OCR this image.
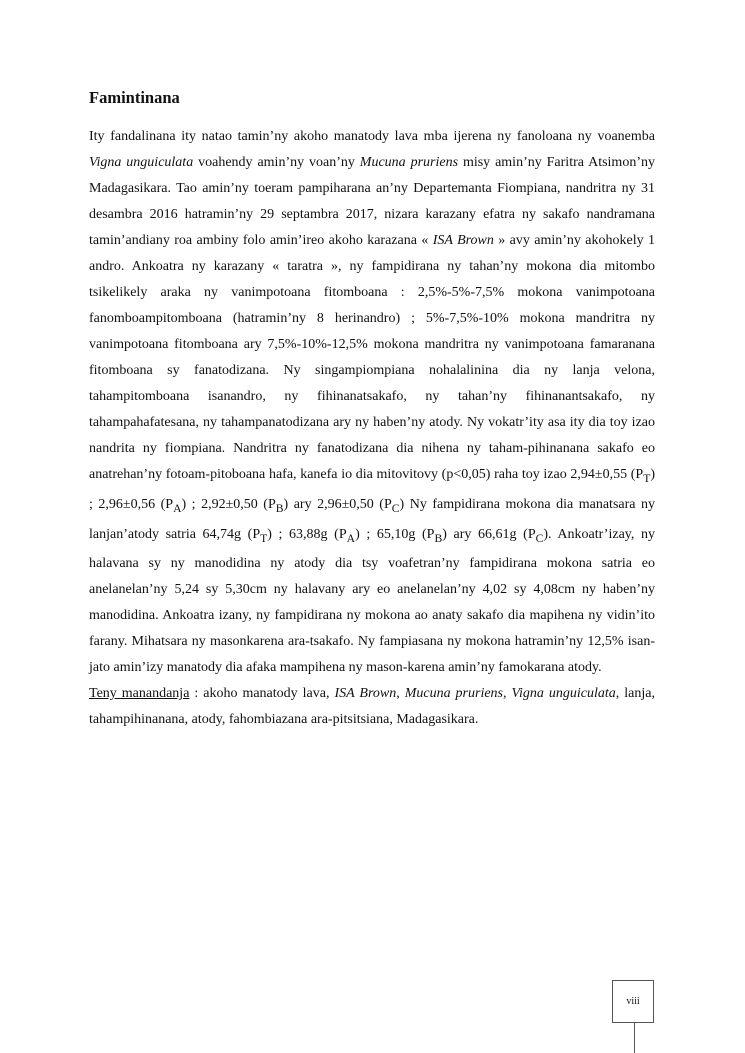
Famintinana

Ity fandalinana ity natao tamin’ny akoho manatody lava mba ijerena ny fanoloana ny voanemba Vigna unguiculata voahendy amin’ny voan’ny Mucuna pruriens misy amin’ny Faritra Atsimon’ny Madagasikara. Tao amin’ny toeram pampiharana an’ny Departemanta Fiompiana, nandritra ny 31 desambra 2016 hatramin’ny 29 septambra 2017, nizara karazany efatra ny sakafo nandramana tamin’andiany roa ambiny folo amin’ireo akoho karazana « ISA Brown » avy amin’ny akohokely 1 andro. Ankoatra ny karazany « taratra », ny fampidirana ny tahan’ny mokona dia mitombo tsikelikely araka ny vanimpotoana fitomboana : 2,5%-5%-7,5% mokona vanimpotoana fanomboampitomboana (hatramin’ny 8 herinandro) ; 5%-7,5%-10% mokona mandritra ny vanimpotoana fitomboana ary 7,5%-10%-12,5% mokona mandritra ny vanimpotoana famaranana fitomboana sy fanatodizana. Ny singampiompiana nohalalinina dia ny lanja velona, tahampitomboana isanandro, ny fihinanatsakafo, ny tahan’ny fihinanantsakafo, ny tahampahafatesana, ny tahampanatodizana ary ny haben’ny atody. Ny vokatr’ity asa ity dia toy izao nandrita ny fiompiana. Nandritra ny fanatodizana dia nihena ny taham-pihinanana sakafo eo anatrehan’ny fotoam-pitoboana hafa, kanefa io dia mitovitovy (p<0,05) raha toy izao 2,94±0,55 $(P_T)$ ; 2,96±0,56 $(P_A)$ ; 2,92±0,50 $(P_B)$ ary 2,96±0,50 $(P_C)$ Ny fampidirana mokona dia manatsara ny lanjan’atody satria 64,74g $(P_T)$ ; 63,88g $(P_A)$ ; 65,10g $(P_B)$ ary 66,61g $(P_C)$. Ankoatr’izay, ny halavana sy ny manodidina ny atody dia tsy voafetran’ny fampidirana mokona satria eo anelanelan’ny 5,24 sy 5,30cm ny halavany ary eo anelanelan’ny 4,02 sy 4,08cm ny haben’ny manodidina. Ankoatra izany, ny fampidirana ny mokona ao anaty sakafo dia mapihena ny vidin’ito farany. Mihatsara ny masonkarena ara-tsakafo. Ny fampiasana ny mokona hatramin’ny 12,5% isan-jato amin’izy manatody dia afaka mampihena ny mason-karena amin’ny famokarana atody.

Teny manandanja : akoho manatody lava, ISA Brown, Mucuna pruriens, Vigna unguiculata, lanja, tahampihinanana, atody, fahombiazana ara-pitsitsiana, Madagasikara.

viii
